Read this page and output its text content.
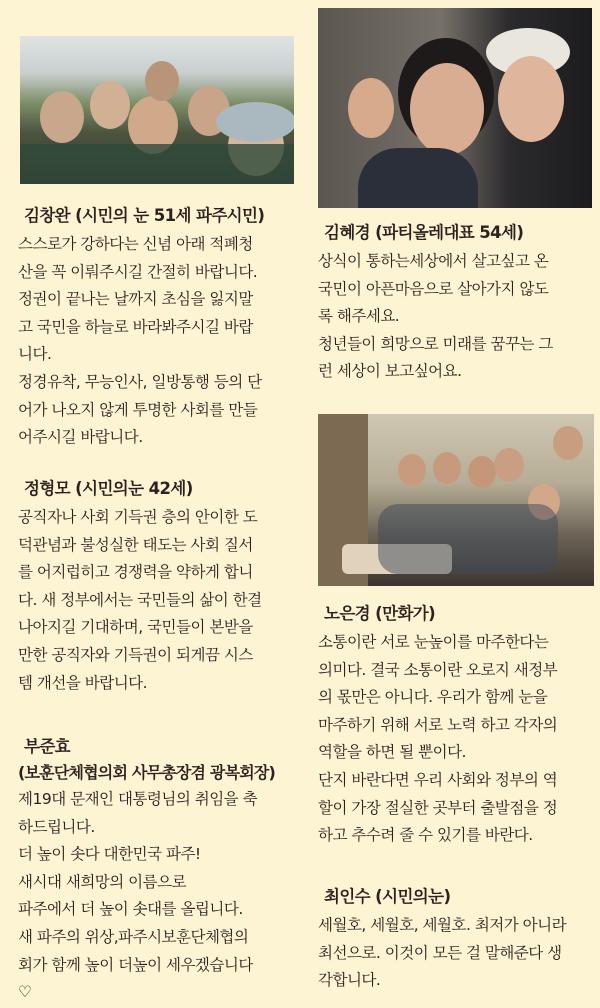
김창완 (시민의 눈 51세 파주시민)

스스로가 강하다는 신념 아래 적폐청
산을 꼭 이뤄주시길 간절히 바랍니다.
정권이 끝나는 날까지 초심을 잃지말
고 국민을 하늘로 바라봐주시길 바랍
니다.
정경유착, 무능인사, 일방통행 등의 단
어가 나오지 않게 투명한 사회를 만들
어주시길 바랍니다.

정형모 (시민의눈 42세)

공직자나 사회 기득권 층의 안이한 도
덕관념과 불성실한 태도는 사회 질서
를 어지럽히고 경쟁력을 약하게 합니
다. 새 정부에서는 국민들의 삶이 한결
나아지길 기대하며, 국민들이 본받을
만한 공직자와 기득권이 되게끔 시스
템 개선을 바랍니다.

부준효
(보훈단체협의회 사무총장겸 광복회장)

제19대 문재인 대통령님의 취임을 축
하드립니다.
더 높이 솟다 대한민국 파주!
새시대 새희망의 이름으로
파주에서 더 높이 솟대를 올립니다.
새 파주의 위상,파주시보훈단체협의
회가 함께 높이 더높이 세우겠습니다
♡

김혜경 (파티올레대표 54세)

상식이 통하는세상에서 살고싶고 온
국민이 아픈마음으로 살아가지 않도
록 해주세요.
청년들이 희망으로 미래를 꿈꾸는 그
런 세상이 보고싶어요.

노은경 (만화가)

소통이란 서로 눈높이를 마주한다는
의미다. 결국 소통이란 오로지 새정부
의 몫만은 아니다. 우리가 함께 눈을
마주하기 위해 서로 노력 하고 각자의
역할을 하면 될 뿐이다.
단지 바란다면 우리 사회와 정부의 역
할이 가장 절실한 곳부터 출발점을 정
하고 추수려 줄 수 있기를 바란다.

최인수 (시민의눈)

세월호, 세월호, 세월호. 최저가 아니라
최선으로. 이것이 모든 걸 말해준다 생
각합니다.
